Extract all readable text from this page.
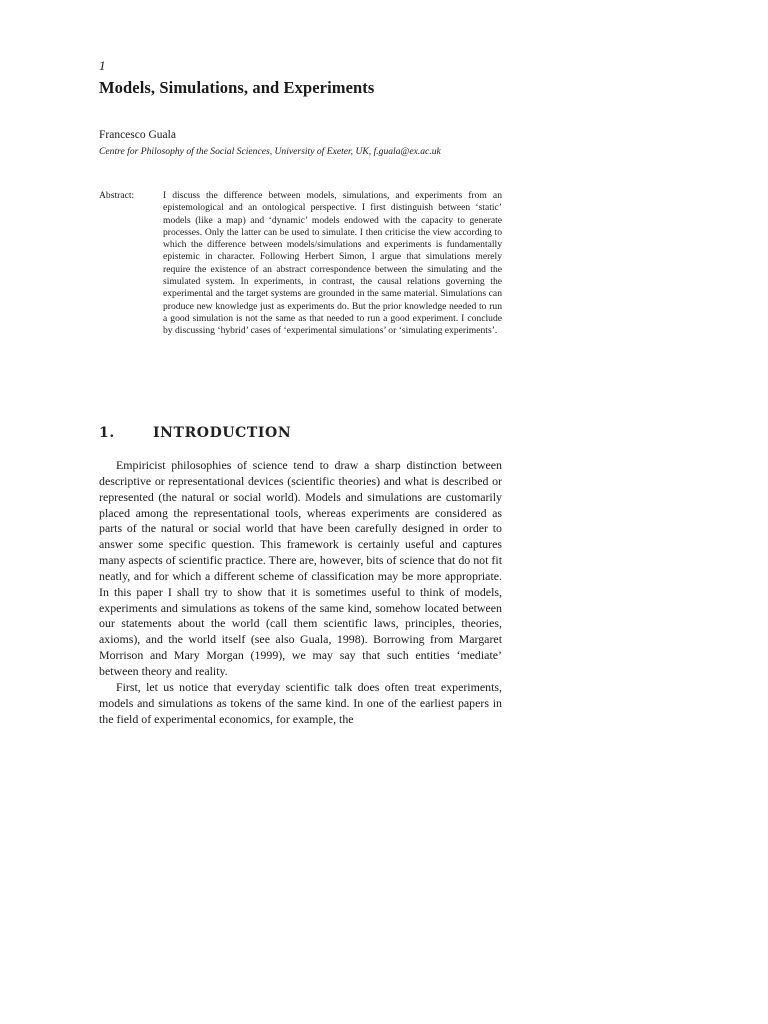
1
Models, Simulations, and Experiments
Francesco Guala
Centre for Philosophy of the Social Sciences, University of Exeter, UK, f.guala@ex.ac.uk
Abstract:	I discuss the difference between models, simulations, and experiments from an epistemological and an ontological perspective. I first distinguish between ‘static’ models (like a map) and ‘dynamic’ models endowed with the capacity to generate processes. Only the latter can be used to simulate. I then criticise the view according to which the difference between models/simulations and experiments is fundamentally epistemic in character. Following Herbert Simon, I argue that simulations merely require the existence of an abstract correspondence between the simulating and the simulated system. In experiments, in contrast, the causal relations governing the experimental and the target systems are grounded in the same material. Simulations can produce new knowledge just as experiments do. But the prior knowledge needed to run a good simulation is not the same as that needed to run a good experiment. I conclude by discussing ‘hybrid’ cases of ‘experimental simulations’ or ‘simulating experiments’.

1.	INTRODUCTION

Empiricist philosophies of science tend to draw a sharp distinction between descriptive or representational devices (scientific theories) and what is described or represented (the natural or social world). Models and simulations are customarily placed among the representational tools, whereas experiments are considered as parts of the natural or social world that have been carefully designed in order to answer some specific question. This framework is certainly useful and captures many aspects of scientific practice. There are, however, bits of science that do not fit neatly, and for which a different scheme of classification may be more appropriate. In this paper I shall try to show that it is sometimes useful to think of models, experiments and simulations as tokens of the same kind, somehow located between our statements about the world (call them scientific laws, principles, theories, axioms), and the world itself (see also Guala, 1998). Borrowing from Margaret Morrison and Mary Morgan (1999), we may say that such entities ‘mediate’ between theory and reality.

First, let us notice that everyday scientific talk does often treat experiments, models and simulations as tokens of the same kind. In one of the earliest papers in the field of experimental economics, for example, the
